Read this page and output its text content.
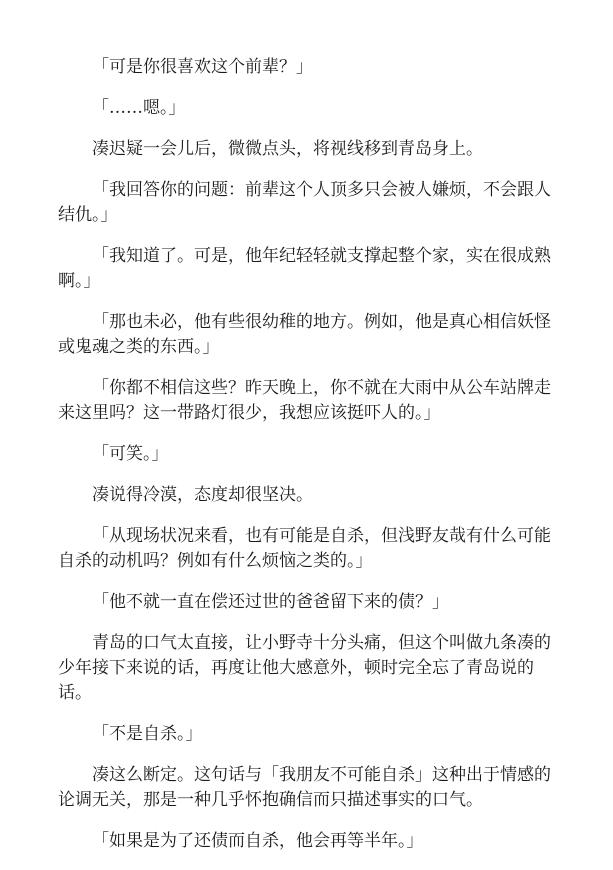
「可是你很喜欢这个前辈？」

「……嗯。」

凑迟疑一会儿后，微微点头，将视线移到青岛身上。

「我回答你的问题：前辈这个人顶多只会被人嫌烦，不会跟人结仇。」

「我知道了。可是，他年纪轻轻就支撑起整个家，实在很成熟啊。」

「那也未必，他有些很幼稚的地方。例如，他是真心相信妖怪或鬼魂之类的东西。」

「你都不相信这些？昨天晚上，你不就在大雨中从公车站牌走来这里吗？这一带路灯很少，我想应该挺吓人的。」

「可笑。」

凑说得冷漠，态度却很坚决。

「从现场状况来看，也有可能是自杀，但浅野友哉有什么可能自杀的动机吗？例如有什么烦恼之类的。」

「他不就一直在偿还过世的爸爸留下来的债？」

青岛的口气太直接，让小野寺十分头痛，但这个叫做九条凑的少年接下来说的话，再度让他大感意外，顿时完全忘了青岛说的话。

「不是自杀。」

凑这么断定。这句话与「我朋友不可能自杀」这种出于情感的论调无关，那是一种几乎怀抱确信而只描述事实的口气。

「如果是为了还债而自杀，他会再等半年。」
